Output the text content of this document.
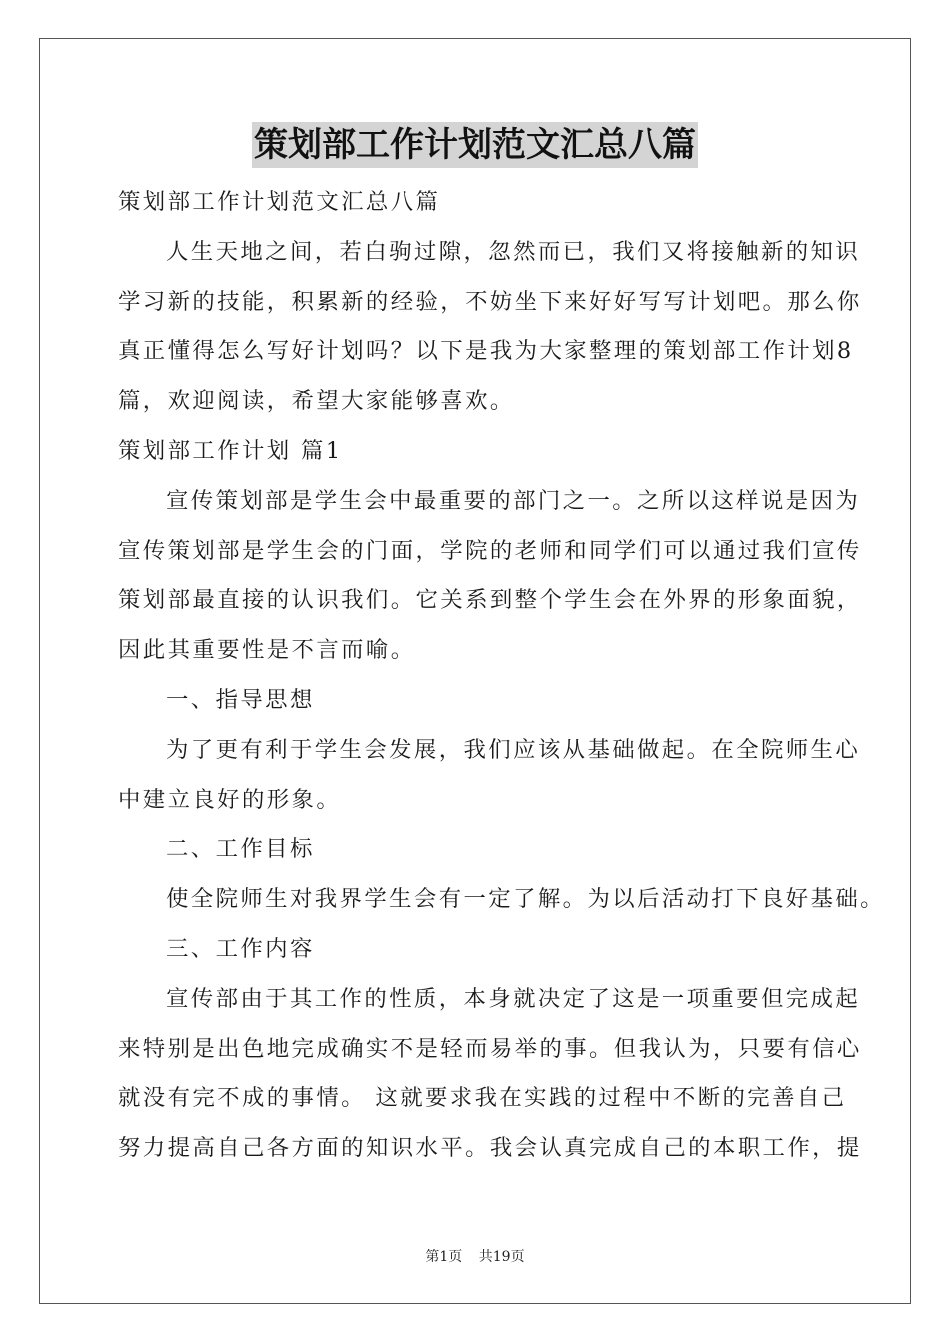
策划部工作计划范文汇总八篇
策划部工作计划范文汇总八篇
人生天地之间，若白驹过隙，忽然而已，我们又将接触新的知识
学习新的技能，积累新的经验，不妨坐下来好好写写计划吧。那么你
真正懂得怎么写好计划吗？以下是我为大家整理的策划部工作计划8
篇，欢迎阅读，希望大家能够喜欢。
策划部工作计划 篇1
宣传策划部是学生会中最重要的部门之一。之所以这样说是因为
宣传策划部是学生会的门面，学院的老师和同学们可以通过我们宣传
策划部最直接的认识我们。它关系到整个学生会在外界的形象面貌，
因此其重要性是不言而喻。
一、指导思想
为了更有利于学生会发展，我们应该从基础做起。在全院师生心
中建立良好的形象。
二、工作目标
使全院师生对我界学生会有一定了解。为以后活动打下良好基础。
三、工作内容
宣传部由于其工作的性质，本身就决定了这是一项重要但完成起
来特别是出色地完成确实不是轻而易举的事。但我认为，只要有信心
就没有完不成的事情。 这就要求我在实践的过程中不断的完善自己
努力提高自己各方面的知识水平。我会认真完成自己的本职工作，提
第1页 共19页
